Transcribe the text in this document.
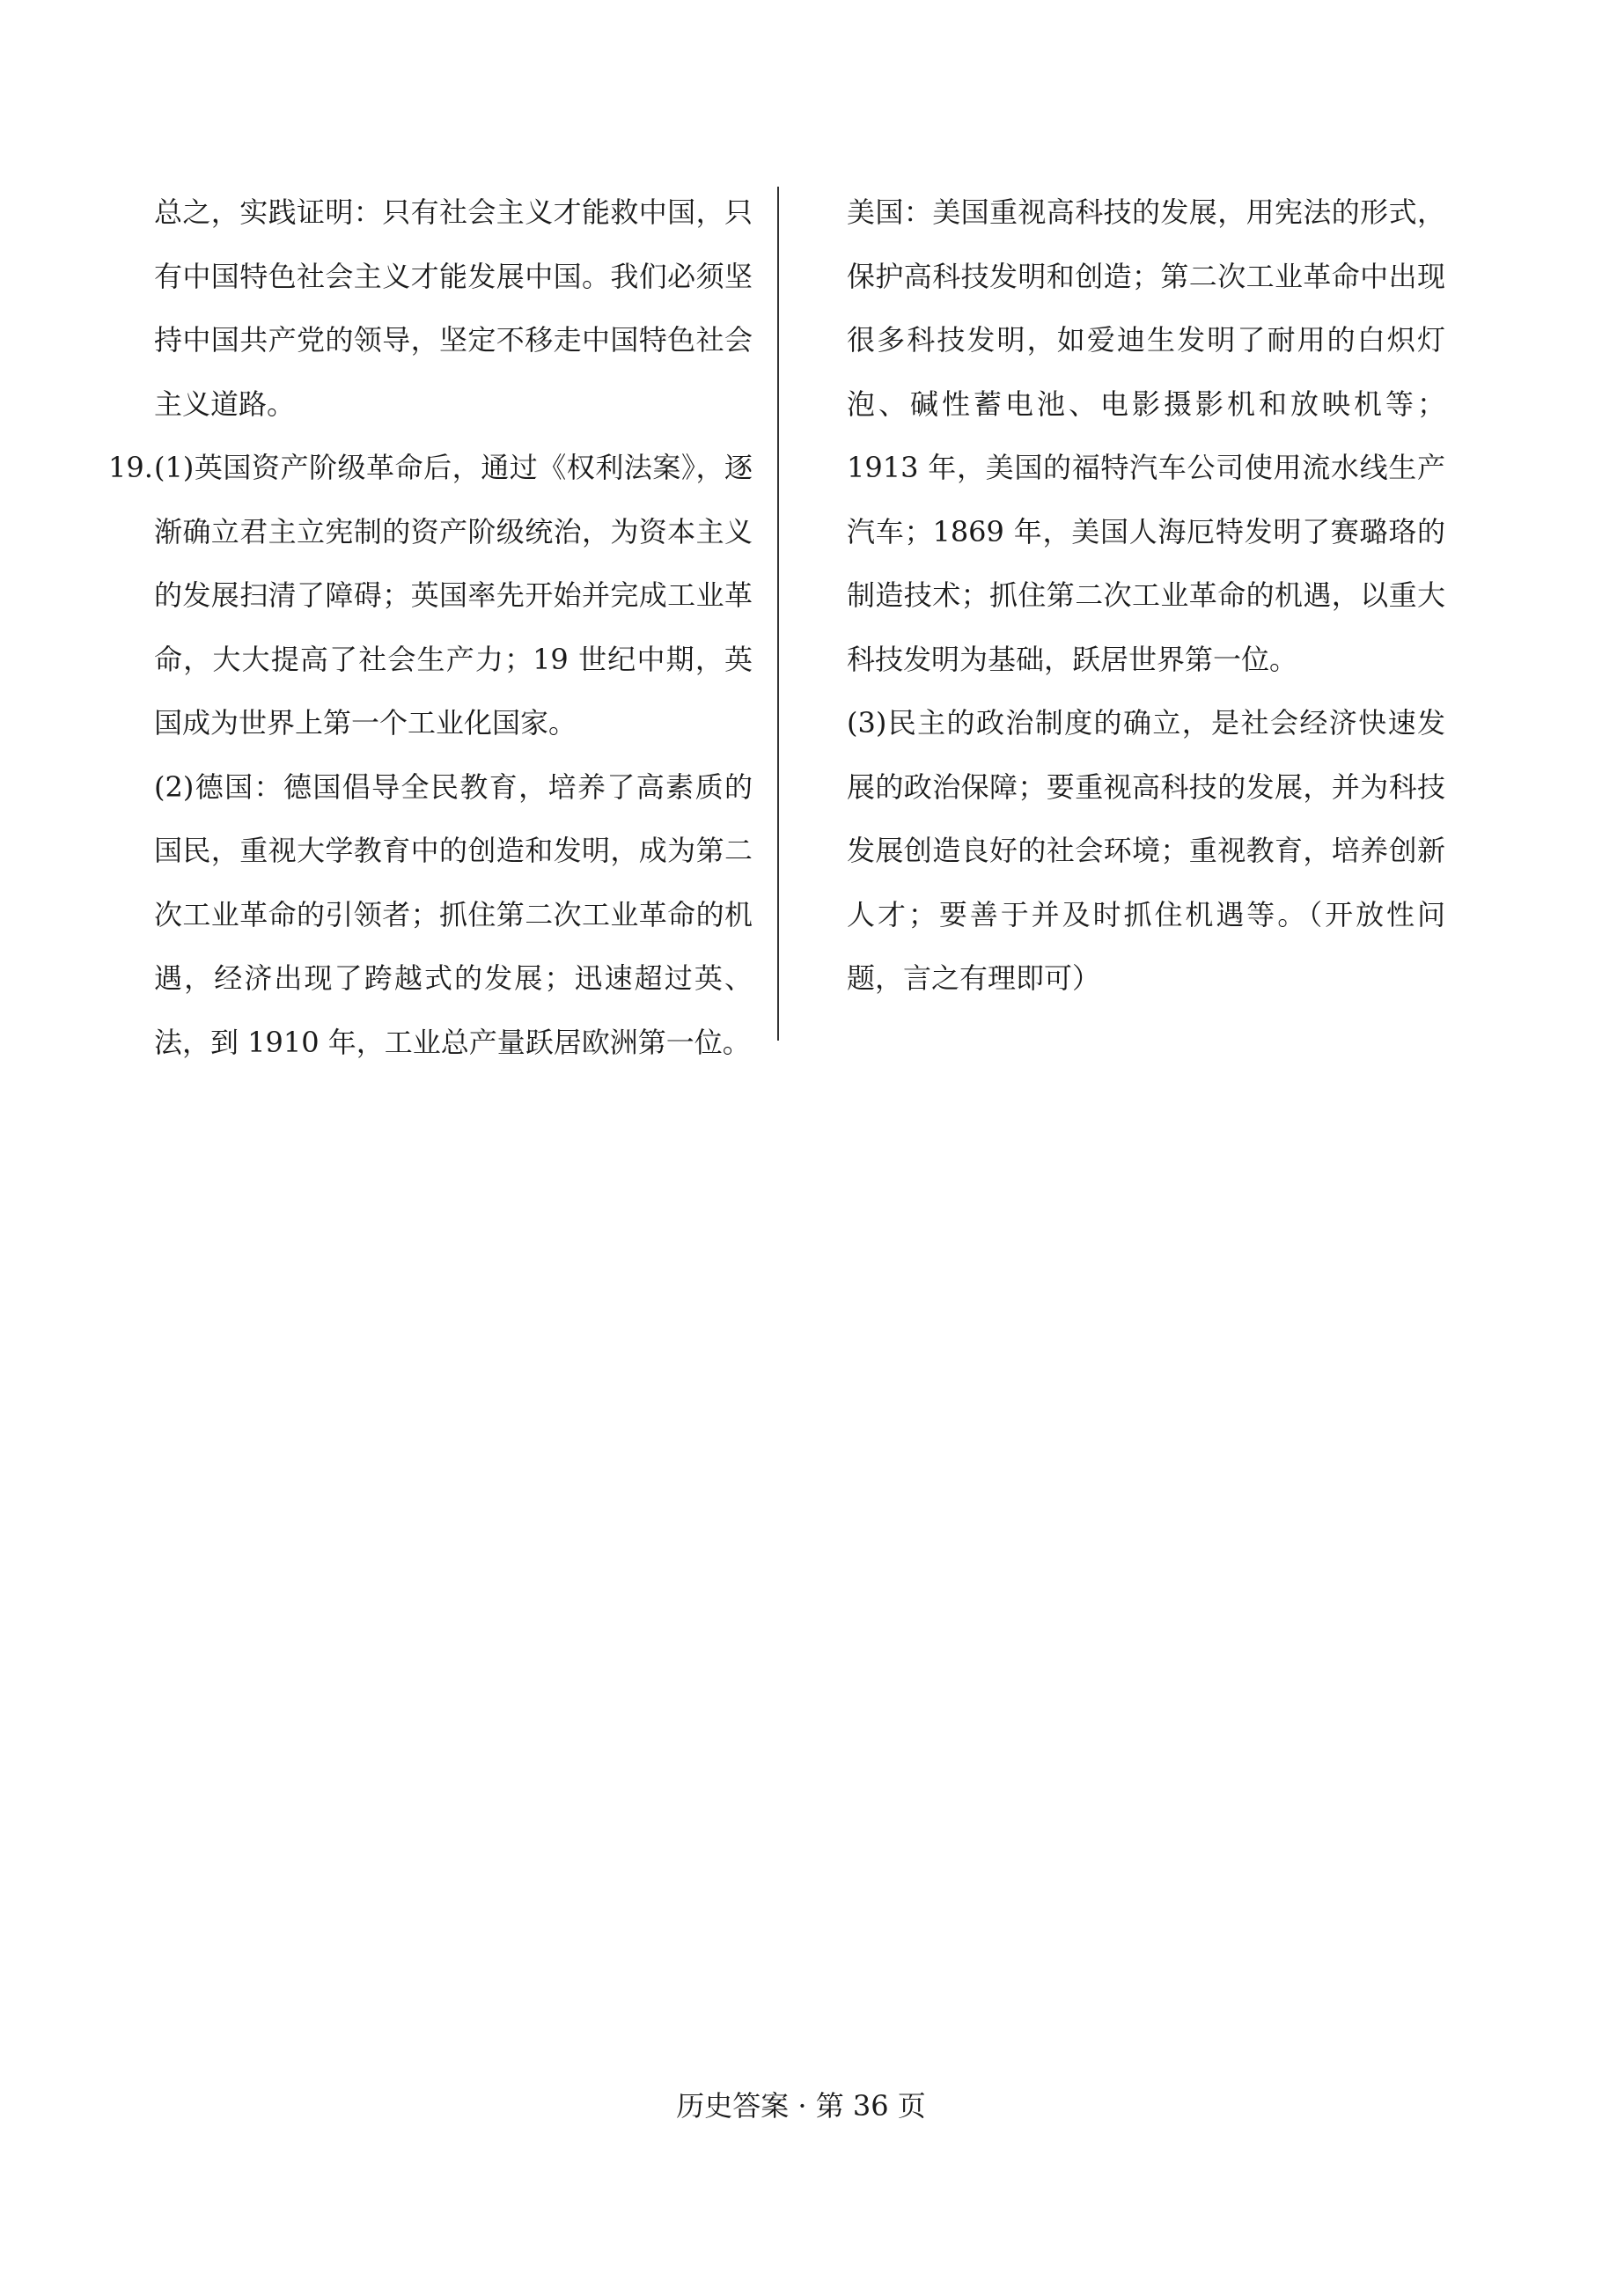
总之，实践证明：只有社会主义才能救中国，只有中国特色社会主义才能发展中国。我们必须坚持中国共产党的领导，坚定不移走中国特色社会主义道路。

19. (1)英国资产阶级革命后，通过《权利法案》，逐渐确立君主立宪制的资产阶级统治，为资本主义的发展扫清了障碍；英国率先开始并完成工业革命，大大提高了社会生产力；19 世纪中期，英国成为世界上第一个工业化国家。

(2)德国：德国倡导全民教育，培养了高素质的国民，重视大学教育中的创造和发明，成为第二次工业革命的引领者；抓住第二次工业革命的机遇，经济出现了跨越式的发展；迅速超过英、法，到 1910 年，工业总产量跃居欧洲第一位。

美国：美国重视高科技的发展，用宪法的形式，保护高科技发明和创造；第二次工业革命中出现很多科技发明，如爱迪生发明了耐用的白炽灯泡、碱性蓄电池、电影摄影机和放映机等；1913 年，美国的福特汽车公司使用流水线生产汽车；1869 年，美国人海厄特发明了赛璐珞的制造技术；抓住第二次工业革命的机遇，以重大科技发明为基础，跃居世界第一位。

(3)民主的政治制度的确立，是社会经济快速发展的政治保障；要重视高科技的发展，并为科技发展创造良好的社会环境；重视教育，培养创新人才；要善于并及时抓住机遇等。（开放性问题，言之有理即可）

历史答案 · 第 36 页
